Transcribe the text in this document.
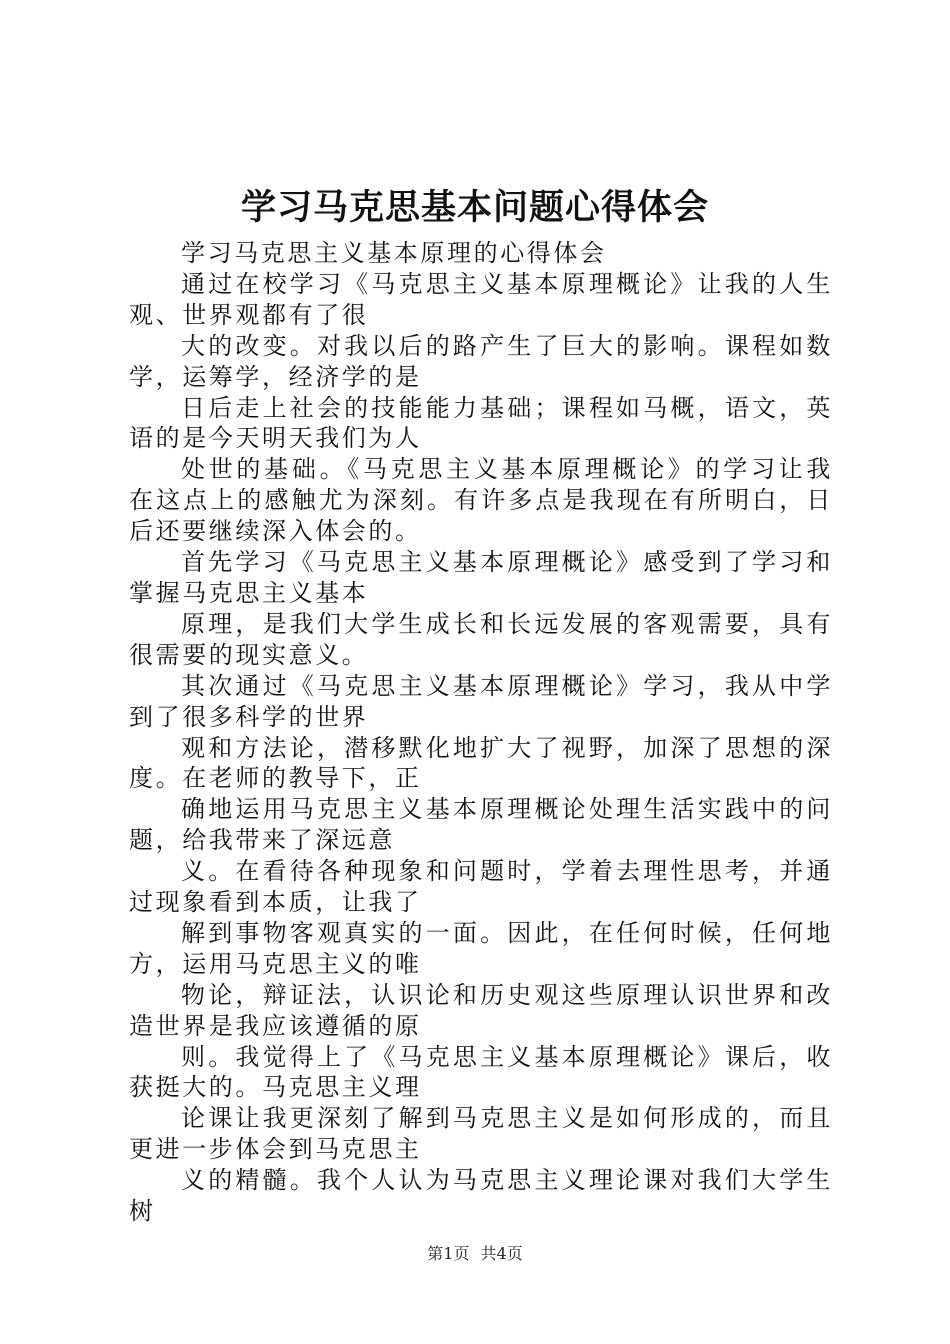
学习马克思基本问题心得体会

学习马克思主义基本原理的心得体会

通过在校学习《马克思主义基本原理概论》让我的人生观、世界观都有了很

大的改变。对我以后的路产生了巨大的影响。课程如数学，运筹学，经济学的是

日后走上社会的技能能力基础；课程如马概，语文，英语的是今天明天我们为人

处世的基础。《马克思主义基本原理概论》的学习让我在这点上的感触尤为深刻。有许多点是我现在有所明白，日后还要继续深入体会的。

首先学习《马克思主义基本原理概论》感受到了学习和掌握马克思主义基本

原理，是我们大学生成长和长远发展的客观需要，具有很需要的现实意义。

其次通过《马克思主义基本原理概论》学习，我从中学到了很多科学的世界

观和方法论，潜移默化地扩大了视野，加深了思想的深度。在老师的教导下，正

确地运用马克思主义基本原理概论处理生活实践中的问题，给我带来了深远意

义。在看待各种现象和问题时，学着去理性思考，并通过现象看到本质，让我了

解到事物客观真实的一面。因此，在任何时候，任何地方，运用马克思主义的唯

物论，辩证法，认识论和历史观这些原理认识世界和改造世界是我应该遵循的原

则。我觉得上了《马克思主义基本原理概论》课后，收获挺大的。马克思主义理

论课让我更深刻了解到马克思主义是如何形成的，而且更进一步体会到马克思主

义的精髓。我个人认为马克思主义理论课对我们大学生树

第1页 共4页
